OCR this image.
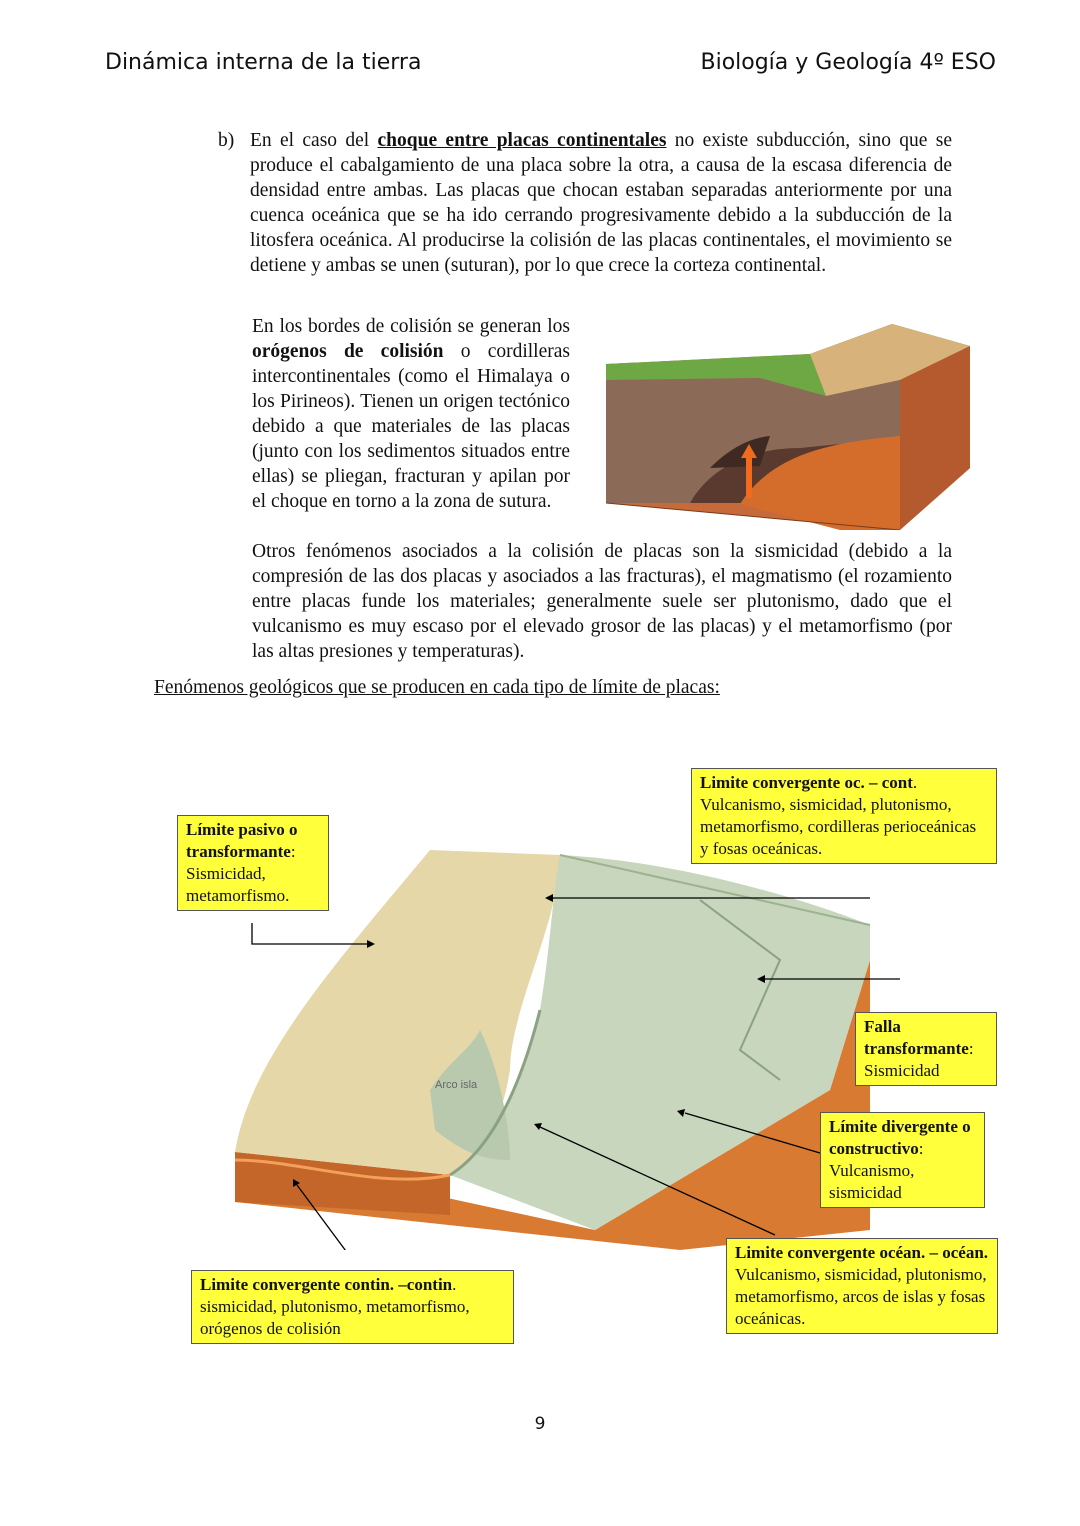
Dinámica interna de la tierra	Biología y Geología 4º ESO
b) En el caso del choque entre placas continentales no existe subducción, sino que se produce el cabalgamiento de una placa sobre la otra, a causa de la escasa diferencia de densidad entre ambas. Las placas que chocan estaban separadas anteriormente por una cuenca oceánica que se ha ido cerrando progresivamente debido a la subducción de la litosfera oceánica. Al producirse la colisión de las placas continentales, el movimiento se detiene y ambas se unen (suturan), por lo que crece la corteza continental.
En los bordes de colisión se generan los orógenos de colisión o cordilleras intercontinentales (como el Himalaya o los Pirineos). Tienen un origen tectónico debido a que materiales de las placas (junto con los sedimentos situados entre ellas) se pliegan, fracturan y apilan por el choque en torno a la zona de sutura.
Otros fenómenos asociados a la colisión de placas son la sismicidad (debido a la compresión de las dos placas y asociados a las fracturas), el magmatismo (el rozamiento entre placas funde los materiales; generalmente suele ser plutonismo, dado que el vulcanismo es muy escaso por el elevado grosor de las placas) y el metamorfismo (por las altas presiones y temperaturas).
Fenómenos geológicos que se producen en cada tipo de límite de placas:
Arco isla
Límite pasivo o transformante:
Sismicidad, metamorfismo.
Limite convergente oc. – cont.
Vulcanismo, sismicidad, plutonismo, metamorfismo, cordilleras perioceánicas y fosas oceánicas.
Falla transformante:
Sismicidad
Límite divergente o constructivo:
Vulcanismo, sismicidad
Limite convergente océan. – océan. Vulcanismo, sismicidad, plutonismo, metamorfismo, arcos de islas y fosas oceánicas.
Limite convergente contin. –contin.
sismicidad, plutonismo, metamorfismo, orógenos de colisión
9
